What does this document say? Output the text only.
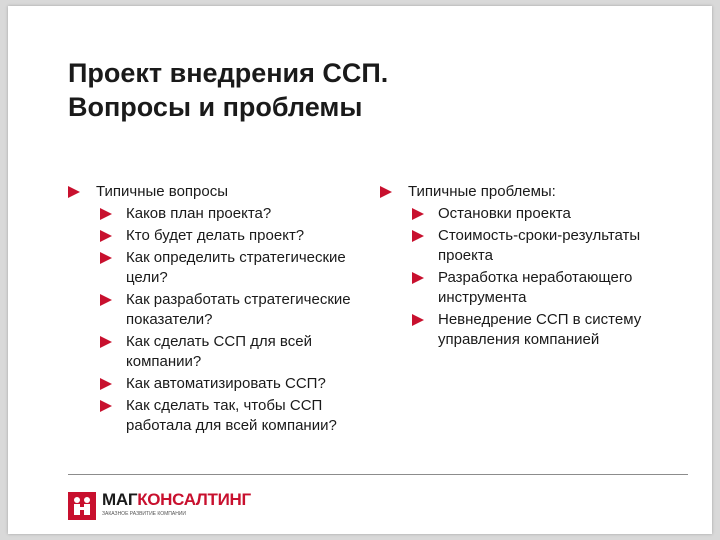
Проект внедрения ССП.
Вопросы и проблемы
Типичные вопросы
Каков план проекта?
Кто будет делать проект?
Как определить стратегические цели?
Как разработать стратегические показатели?
Как сделать ССП для всей компании?
Как автоматизировать ССП?
Как сделать так, чтобы ССП работала для всей компании?
Типичные проблемы:
Остановки проекта
Стоимость-сроки-результаты проекта
Разработка неработающего инструмента
Невнедрение ССП в систему управления компанией
МАГКОНСАЛТИНГ
ЗАКАЗНОЕ РАЗВИТИЕ КОМПАНИИ
